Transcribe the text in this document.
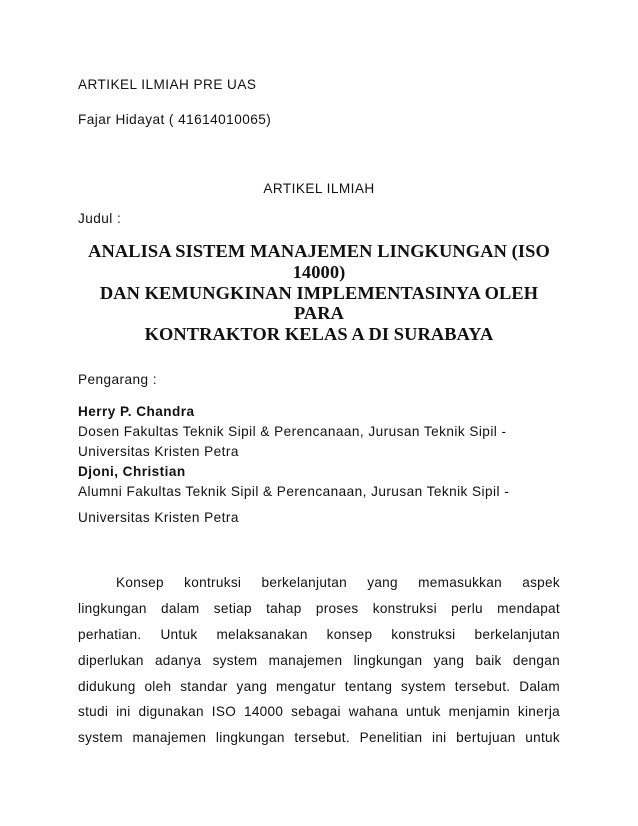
ARTIKEL ILMIAH PRE UAS
Fajar Hidayat ( 41614010065)
ARTIKEL ILMIAH
Judul :
ANALISA SISTEM MANAJEMEN LINGKUNGAN (ISO
14000)
DAN KEMUNGKINAN IMPLEMENTASINYA OLEH
PARA
KONTRAKTOR KELAS A DI SURABAYA
Pengarang :
Herry P. Chandra
Dosen Fakultas Teknik Sipil & Perencanaan, Jurusan Teknik Sipil -
Universitas Kristen Petra
Djoni, Christian
Alumni Fakultas Teknik Sipil & Perencanaan, Jurusan Teknik Sipil -
Universitas Kristen Petra
Konsep kontruksi berkelanjutan yang memasukkan aspek
lingkungan dalam setiap tahap proses konstruksi perlu mendapat
perhatian. Untuk melaksanakan konsep konstruksi berkelanjutan
diperlukan adanya system manajemen lingkungan yang baik dengan
didukung oleh standar yang mengatur tentang system tersebut. Dalam
studi ini digunakan ISO 14000 sebagai wahana untuk menjamin kinerja
system manajemen lingkungan tersebut. Penelitian ini bertujuan untuk
